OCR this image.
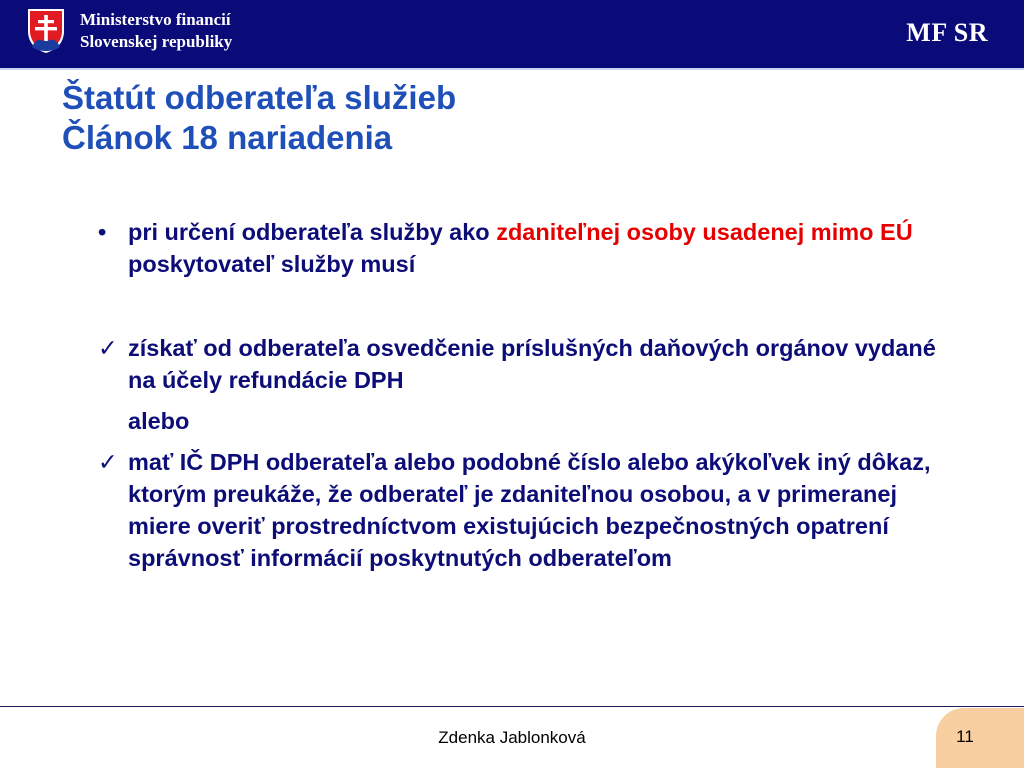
Ministerstvo financií
Slovenskej republiky	MF SR
Štatút odberateľa služieb
Článok 18 nariadenia
• pri určení odberateľa služby ako zdaniteľnej osoby usadenej mimo EÚ poskytovateľ služby musí
✓ získať od odberateľa osvedčenie príslušných daňových orgánov vydané na účely refundácie DPH
alebo
✓ mať IČ DPH odberateľa alebo podobné číslo alebo akýkoľvek iný dôkaz, ktorým preukáže, že odberateľ je zdaniteľnou osobou, a v primeranej miere overiť prostredníctvom existujúcich bezpečnostných opatrení správnosť informácií poskytnutých odberateľom
Zdenka Jablonková	11
